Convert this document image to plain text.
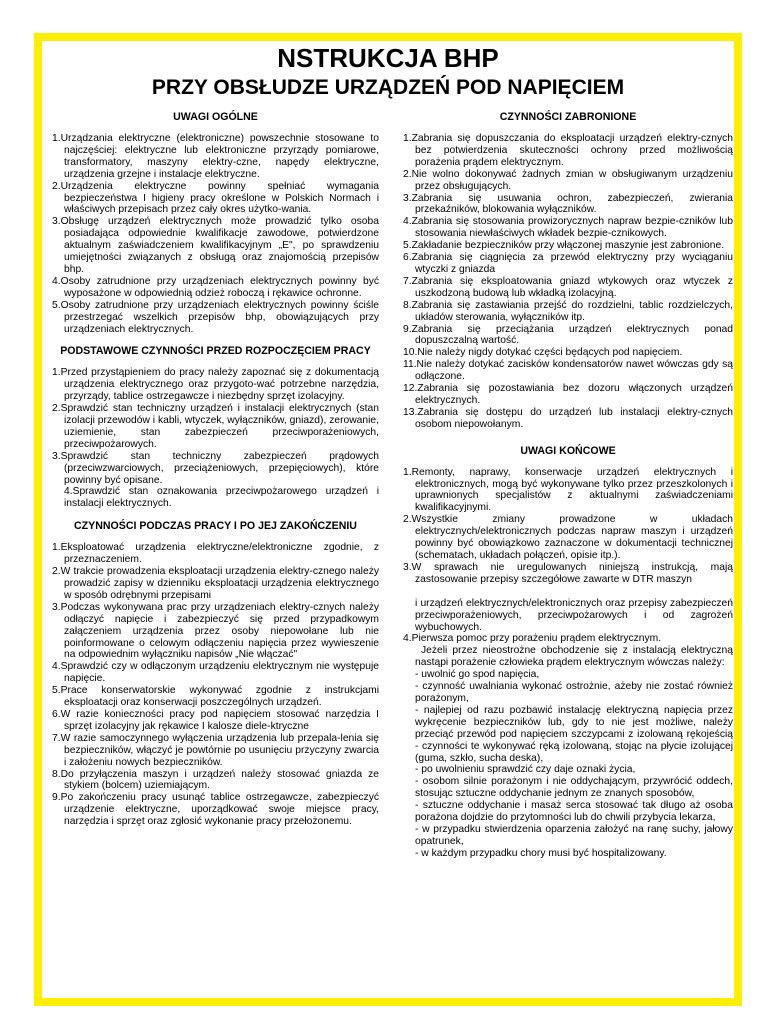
NSTRUKCJA BHP
PRZY OBSŁUDZE URZĄDZEŃ POD NAPIĘCIEM
UWAGI OGÓLNE
1.Urządzania elektryczne (elektroniczne) powszechnie stosowane to najczęściej: elektryczne lub elektroniczne przyrządy pomiarowe, transformatory, maszyny elektry-czne, napędy elektryczne, urządzenia grzejne i instalacje elektryczne.
2.Urządzenia elektryczne powinny spełniać wymagania bezpieczeństwa I higieny pracy określone w Polskich Normach i właściwych przepisach przez cały okres użytko-wania.
3.Obsługę urządzeń elektrycznych może prowadzić tylko osoba posiadająca odpowiednie kwalifikacje zawodowe, potwierdzone aktualnym zaświadczeniem kwalifikacyjnym „E", po sprawdzeniu umiejętności związanych z obsługą oraz znajomością przepisów bhp.
4.Osoby zatrudnione przy urządzeniach elektrycznych powinny być wyposażone w odpowiednią odzież roboczą i rękawice ochronne.
5.Osoby zatrudnione przy urządzeniach elektrycznych powinny ściśle przestrzegać wszelkich przepisów bhp, obowiązujących przy urządzeniach elektrycznych.
PODSTAWOWE CZYNNOŚCI PRZED ROZPOCZĘCIEM PRACY
1.Przed przystąpieniem do pracy należy zapoznać się z dokumentacją urządzenia elektrycznego oraz przygoto-wać potrzebne narzędzia, przyrządy, tablice ostrzegawcze i niezbędny sprzęt izolacyjny.
2.Sprawdzić stan techniczny urządzeń i instalacji elektrycznych (stan izolacji przewodów i kabli, wtyczek, wyłączników, gniazd), zerowanie, uziemienie, stan zabezpieczeń przeciwporażeniowych, przeciwpożarowych.
3.Sprawdzić stan techniczny zabezpieczeń prądowych (przeciwzwarciowych, przeciążeniowych, przepięciowych), które powinny być opisane.
4.Sprawdzić stan oznakowania przeciwpożarowego urządzeń i instalacji elektrycznych.
CZYNNOŚCI PODCZAS PRACY I PO JEJ ZAKOŃCZENIU
1.Eksploatować urządzenia elektryczne/elektroniczne zgodnie, z przeznaczeniem.
2.W trakcie prowadzenia eksploatacji urządzenia elektry-cznego należy prowadzić zapisy w dzienniku eksploatacji urządzenia elektrycznego w sposób odrębnymi przepisami
3.Podczas wykonywana prac przy urządzeniach elektry-cznych należy odłączyć napięcie i zabezpieczyć się przed przypadkowym załączeniem urządzenia przez osoby niepowołane lub nie poinformowane o celowym odłączeniu napięcia przez wywieszenie na odpowiednim wyłączniku napisów „Nie włączać"
4.Sprawdzić czy w odłączonym urządzeniu elektrycznym nie występuje napięcie.
5.Prace konserwatorskie wykonywać zgodnie z instrukcjami eksploatacji oraz konserwacji poszczególnych urządzeń.
6.W razie konieczności pracy pod napięciem stosować narzędzia I sprzęt izolacyjny jak rękawice I kalosze diele-ktryczne
7.W razie samoczynnego wyłączenia urządzenia lub przepala-lenia się bezpieczników, włączyć je powtórnie po usunięciu przyczyny zwarcia i założeniu nowych bezpieczników.
8.Do przyłączenia maszyn i urządzeń należy stosować gniazda ze stykiem (bolcem) uziemiającym.
9.Po zakończeniu pracy usunąć tablice ostrzegawcze, zabezpieczyć urządzenie elektryczne, uporządkować swoje miejsce pracy, narzędzia i sprzęt oraz zgłosić wykonanie pracy przełożonemu.
CZYNNOŚCI ZABRONIONE
1.Zabrania się dopuszczania do eksploatacji urządzeń elektry-cznych bez potwierdzenia skuteczności ochrony przed możliwością porażenia prądem elektrycznym.
2.Nie wolno dokonywać żadnych zmian w obsługiwanym urządzeniu przez obsługujących.
3.Zabrania się usuwania ochron, zabezpieczeń, zwierania przekaźników, blokowania wyłączników.
4.Zabrania się stosowania prowizorycznych napraw bezpie-czników lub stosowania niewłaściwych wkładek bezpie-cznikowych.
5.Zakładanie bezpieczników przy włączonej maszynie jest zabronione.
6.Zabrania się ciągnięcia za przewód elektryczny przy wyciąganiu wtyczki z gniazda
7.Zabrania się eksploatowania gniazd wtykowych oraz wtyczek z uszkodzoną budową lub wkładką izolacyjną.
8.Zabrania się zastawiania przejść do rozdzielni, tablic rozdzielczych, układów sterowania, wyłączników itp.
9.Zabrania się przeciążania urządzeń elektrycznych ponad dopuszczalną wartość.
10.Nie należy nigdy dotykać części będących pod napięciem.
11.Nie należy dotykać zacisków kondensatorów nawet wówczas gdy są odłączone.
12.Zabrania się pozostawiania bez dozoru włączonych urządzeń elektrycznych.
13.Zabrania się dostępu do urządzeń lub instalacji elektry-cznych osobom niepowołanym.
UWAGI KOŃCOWE
1.Remonty, naprawy, konserwacje urządzeń elektrycznych i elektronicznych, mogą być wykonywane tylko przez przeszkolonych i uprawnionych specjalistów z aktualnymi zaświadczeniami kwalifikacyjnymi.
2.Wszystkie zmiany prowadzone w układach elektrycznych/elektronicznych podczas napraw maszyn i urządzeń powinny być obowiązkowo zaznaczone w dokumentacji technicznej (schematach, układach połączeń, opisie itp.).
3.W sprawach nie uregulowanych niniejszą instrukcją, mają zastosowanie przepisy szczegółowe zawarte w DTR maszyn
i urządzeń elektrycznych/elektronicznych oraz przepisy zabezpieczeń przeciwporażeniowych, przeciwpożarowych i od zagrożeń wybuchowych.
4.Pierwsza pomoc przy porażeniu prądem elektrycznym.
Jeżeli przez nieostrożne obchodzenie się z instalacją elektryczną nastąpi porażenie człowieka prądem elektrycznym wówczas należy:
- uwolnić go spod napięcia,
- czynność uwalniania wykonać ostrożnie, ażeby nie zostać również porażonym,
- najlepiej od razu pozbawić instalację elektryczną napięcia przez wykręcenie bezpieczników lub, gdy to nie jest możliwe, należy przeciąć przewód pod napięciem szczypcami z izolowaną rękojeścią - czynności te wykonywać ręką izolowaną, stojąc na płycie izolującej (guma, szkło, sucha deska),
- po uwolnieniu sprawdzić czy daje oznaki życia,
- osobom silnie porażonym i nie oddychającym, przywrócić oddech, stosując sztuczne oddychanie jednym ze znanych sposobów,
- sztuczne oddychanie i masaż serca stosować tak długo aż osoba porażona dojdzie do przytomności lub do chwili przybycia lekarza,
- w przypadku stwierdzenia oparzenia założyć na ranę suchy, jałowy opatrunek,
- w każdym przypadku chory musi być hospitalizowany.
